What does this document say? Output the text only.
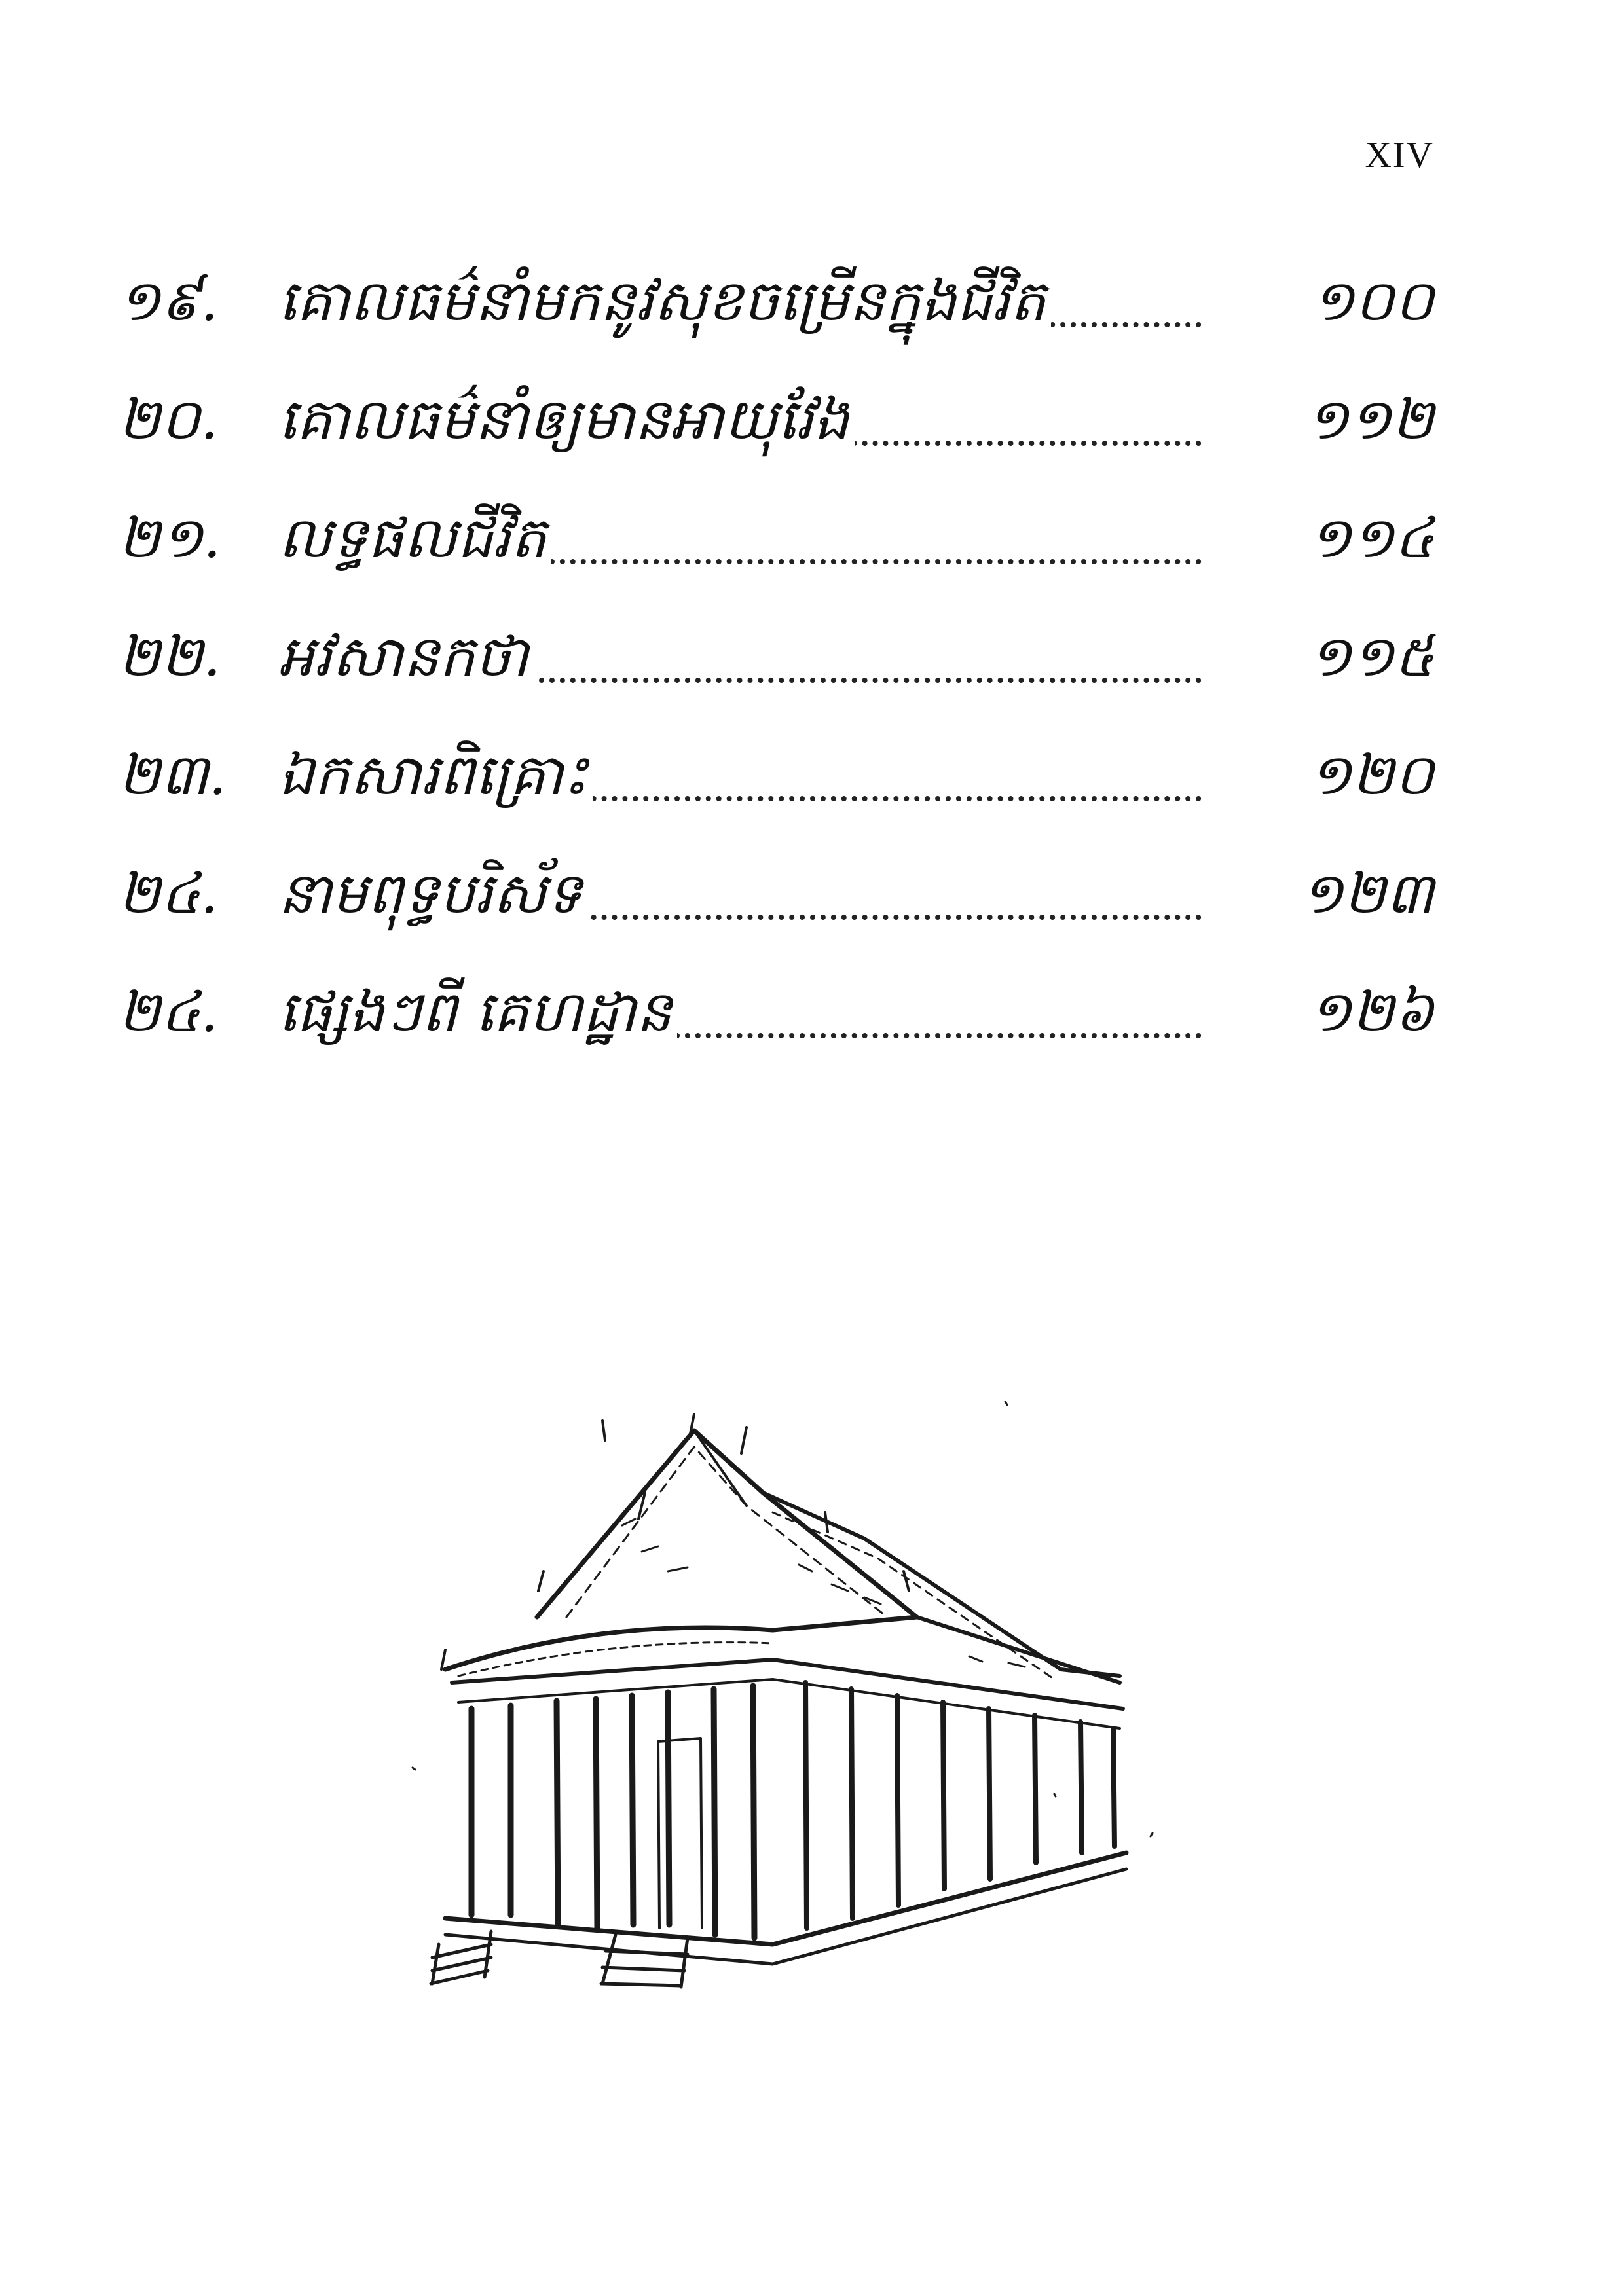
XIV
១៩. គោលធម៌នាំមកនូវសុខចម្រើនក្នុងជីវិត	១០០
២០. គោលធម៌នាំឲ្យមានអាយុវែង	១១២
២១. លទ្ធផលជីវិត	១១៤
២២. អវសានកថា	១១៥
២៣. ឯកសារពិគ្រោះ	១២០
២៤. នាមពុទ្ធបរិស័ទ	១២៣
២៤. ផ្សេងៗពី គេហដ្ឋាន	១២៦
